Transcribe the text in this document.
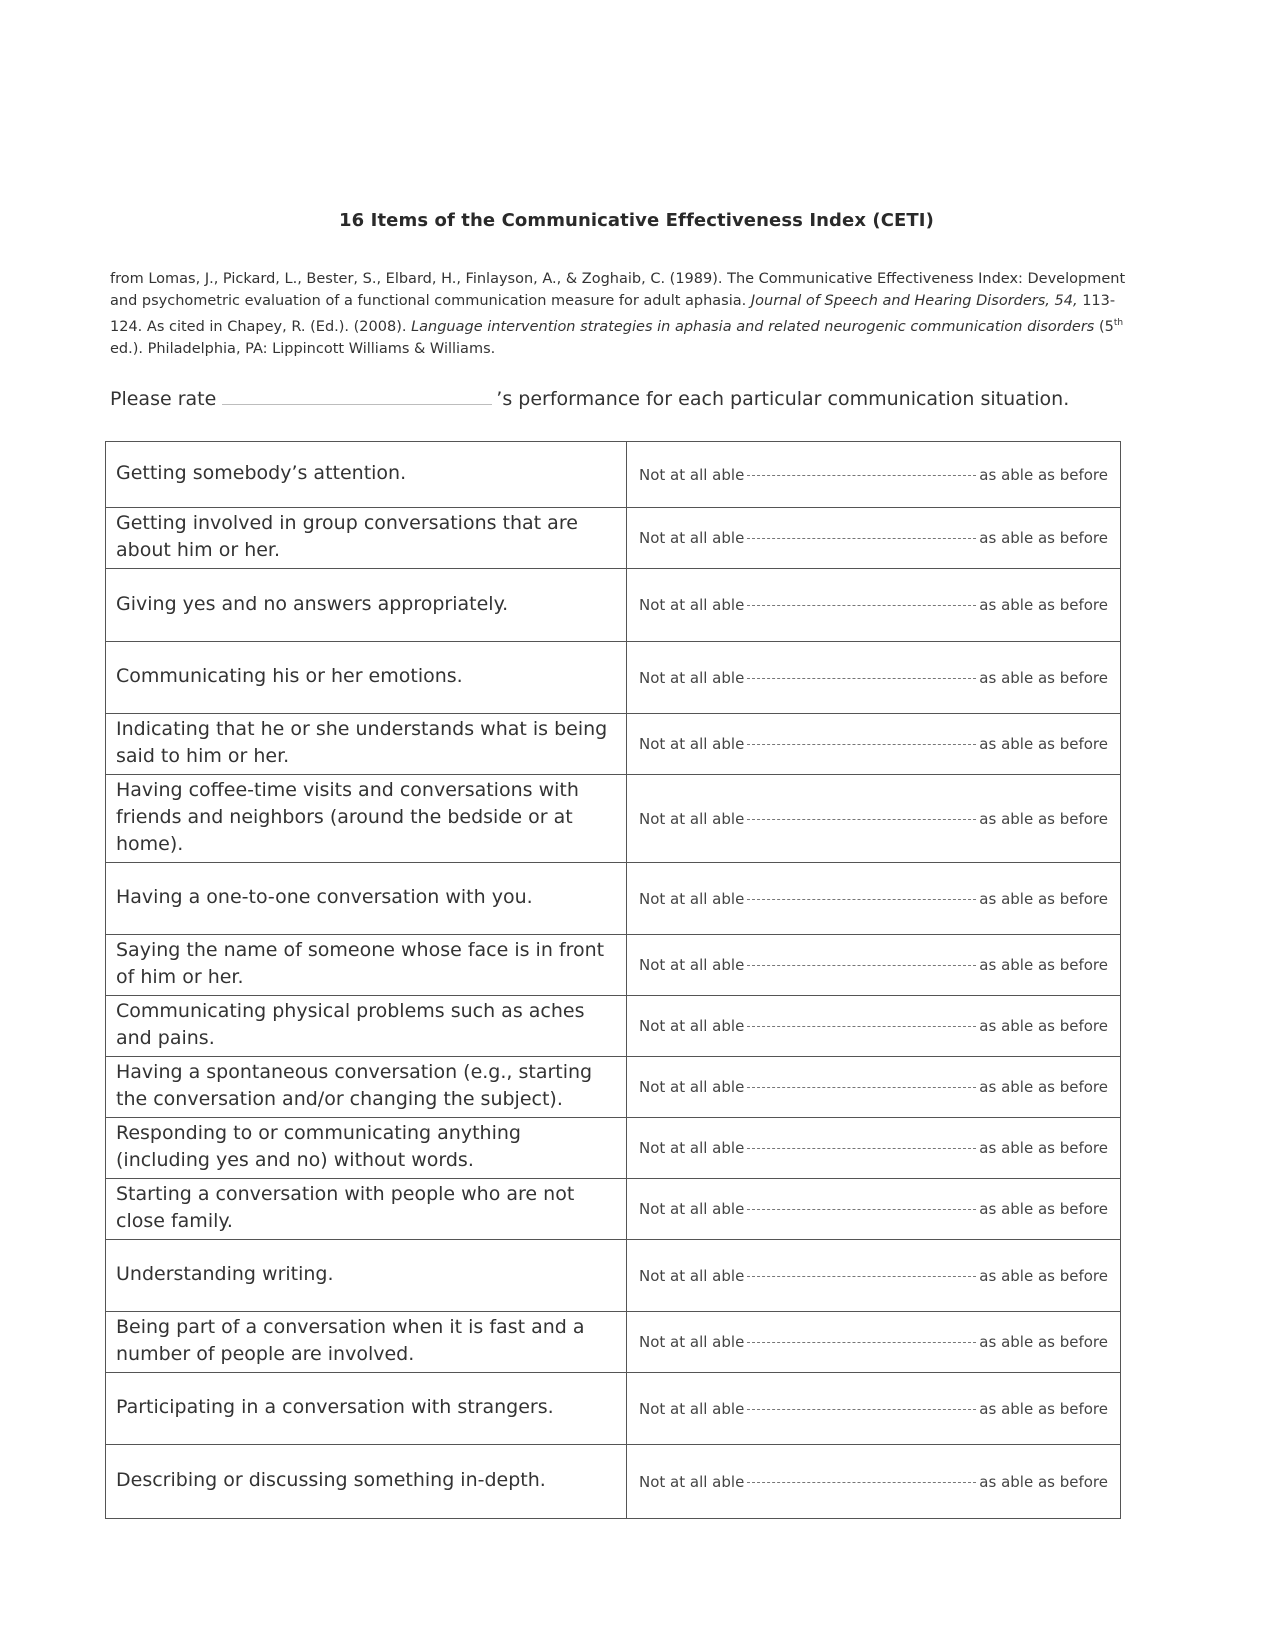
16 Items of the Communicative Effectiveness Index (CETI)
from Lomas, J., Pickard, L., Bester, S., Elbard, H., Finlayson, A., & Zoghaib, C. (1989). The Communicative Effectiveness Index: Development and psychometric evaluation of a functional communication measure for adult aphasia. Journal of Speech and Hearing Disorders, 54, 113-124. As cited in Chapey, R. (Ed.). (2008). Language intervention strategies in aphasia and related neurogenic communication disorders (5th ed.). Philadelphia, PA: Lippincott Williams & Williams.
Please rate	’s performance for each particular communication situation.
Getting somebody’s attention.	Not at all able as able as before

Getting involved in group conversations that are about him or her.	Not at all able as able as before

Giving yes and no answers appropriately.	Not at all able as able as before

Communicating his or her emotions.	Not at all able as able as before

Indicating that he or she understands what is being said to him or her.	Not at all able as able as before

Having coffee-time visits and conversations with friends and neighbors (around the bedside or at home).	Not at all able as able as before

Having a one-to-one conversation with you.	Not at all able as able as before

Saying the name of someone whose face is in front of him or her.	Not at all able as able as before

Communicating physical problems such as aches and pains.	Not at all able as able as before

Having a spontaneous conversation (e.g., starting the conversation and/or changing the subject).	Not at all able as able as before

Responding to or communicating anything (including yes and no) without words.	Not at all able as able as before

Starting a conversation with people who are not close family.	Not at all able as able as before

Understanding writing.	Not at all able as able as before

Being part of a conversation when it is fast and a number of people are involved.	Not at all able as able as before

Participating in a conversation with strangers.	Not at all able as able as before

Describing or discussing something in-depth.	Not at all able as able as before
